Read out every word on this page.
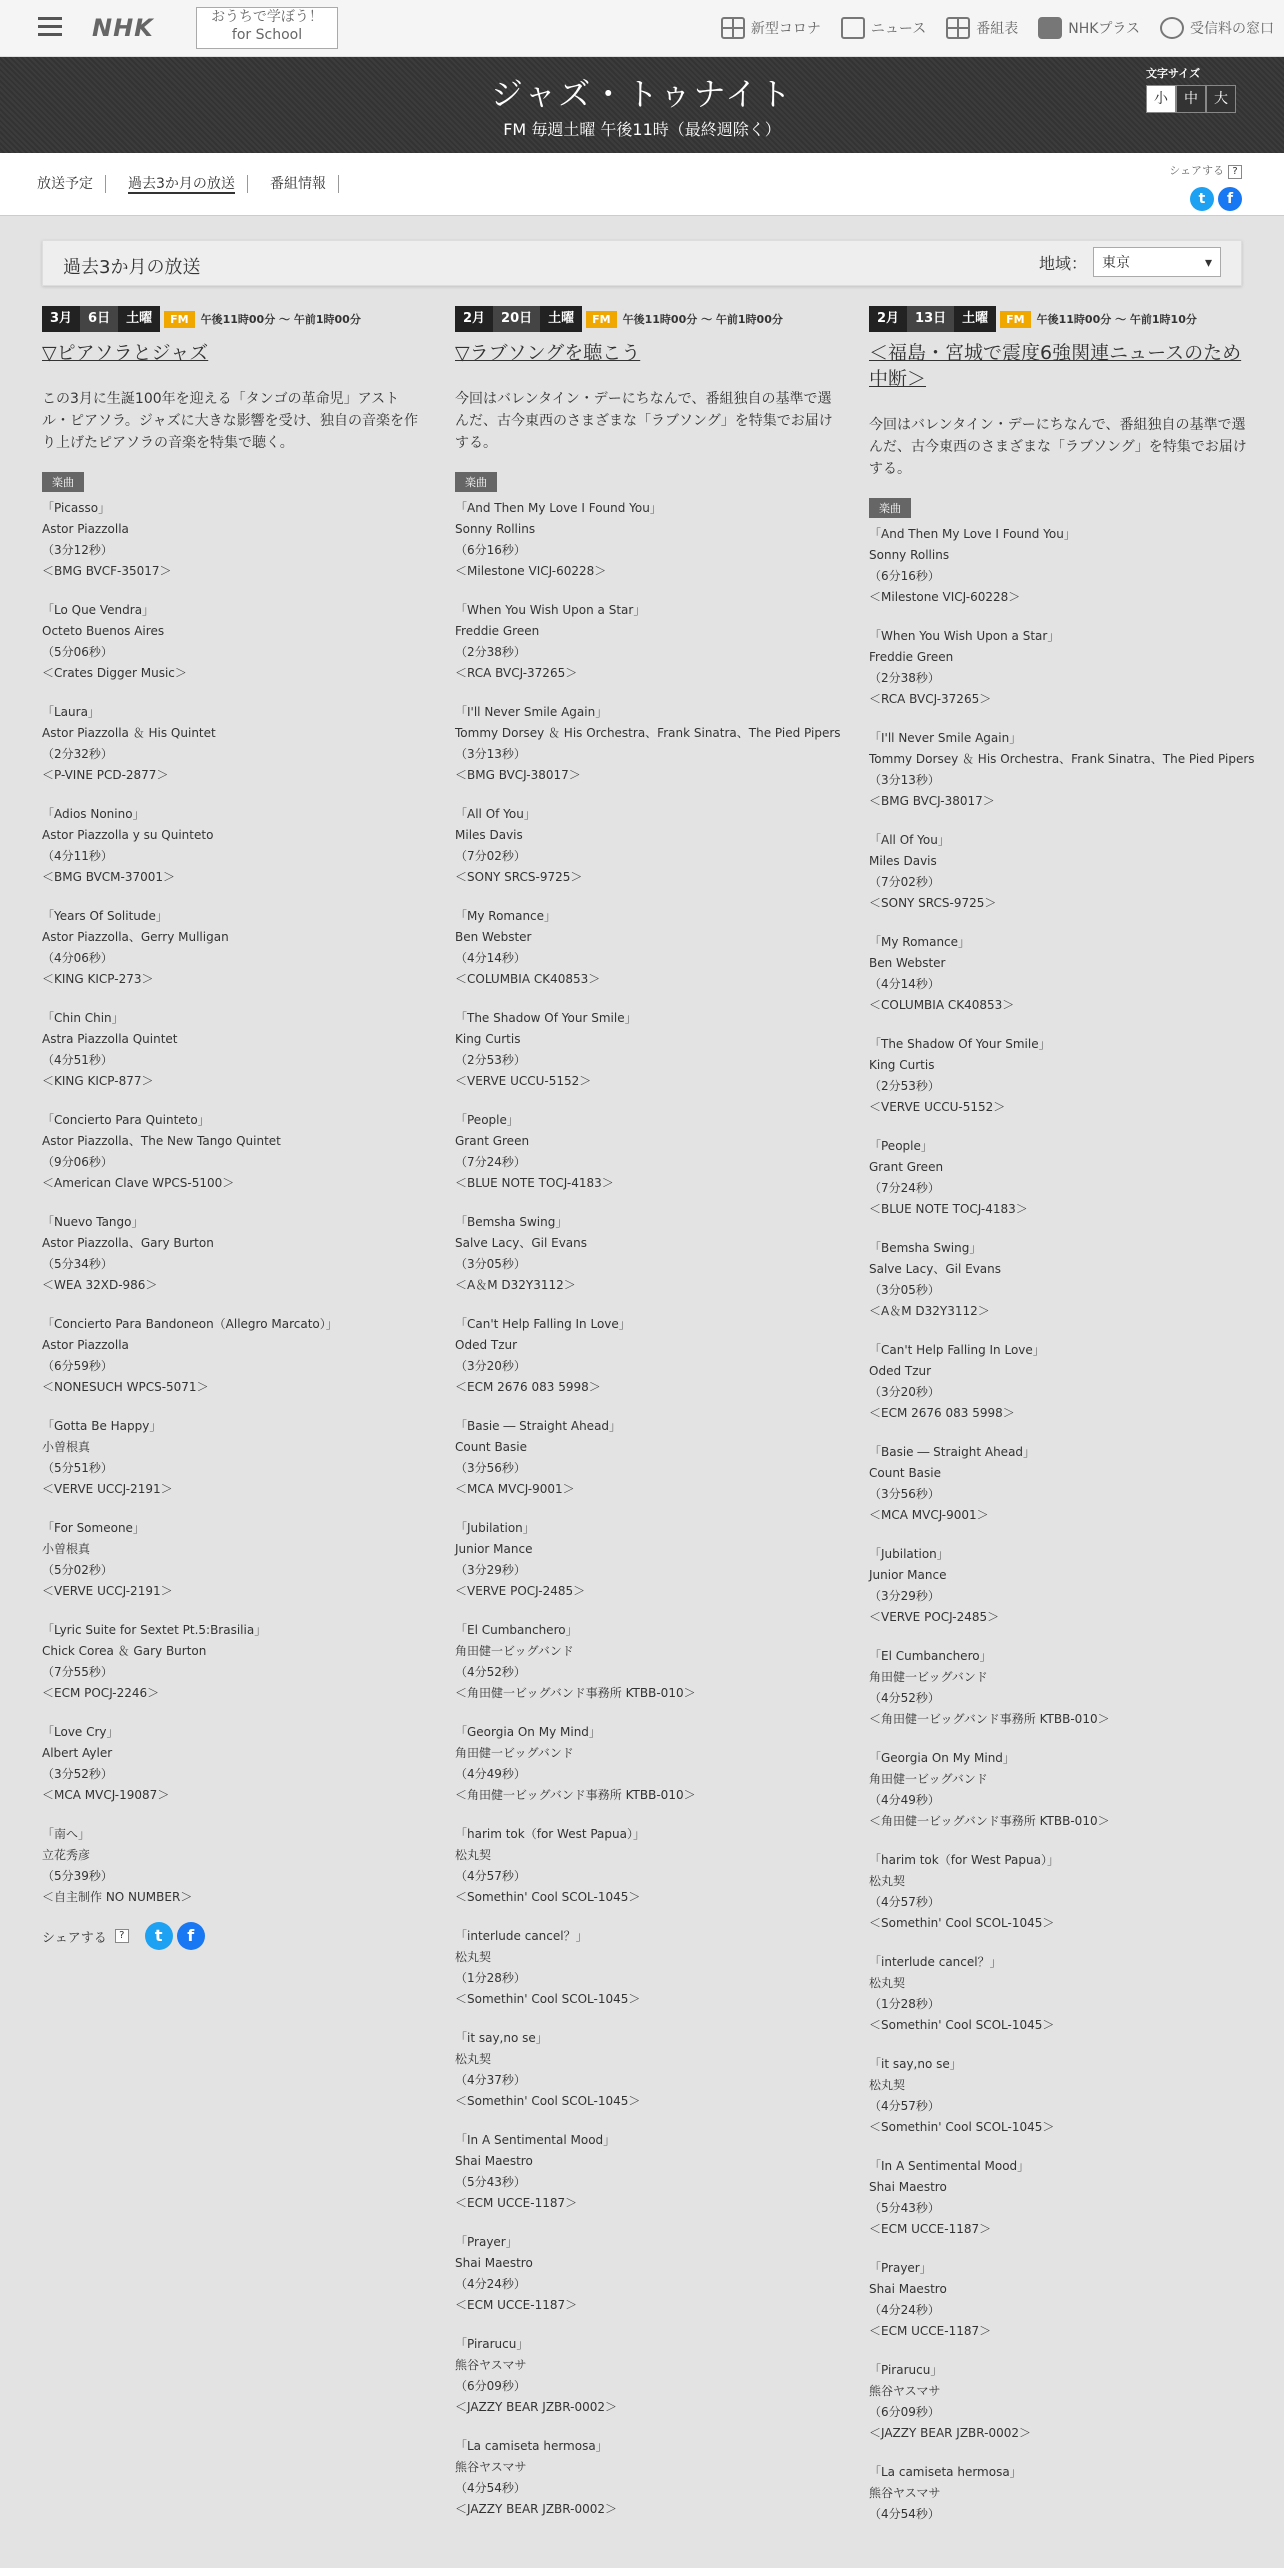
NHK	おうちで学ぼう！
for School	新型コロナ	ニュース	番組表	NHKプラス	受信料の窓口
ジャズ・トゥナイト
FM 毎週土曜 午後11時（最終週除く）
文字サイズ
小	中	大
放送予定	過去3か月の放送	番組情報
シェアする ?
t f
過去3か月の放送	地域：	東京 ▾
3月	6日	土曜	FM	午後11時00分 ～ 午前1時00分
▽ピアソラとジャズ
この3月に生誕100年を迎える「タンゴの革命児」アストル・ピアソラ。ジャズに大きな影響を受け、独自の音楽を作り上げたピアソラの音楽を特集で聴く。
楽曲
「Picasso」
Astor Piazzolla
（3分12秒）
＜BMG BVCF-35017＞
「Lo Que Vendra」
Octeto Buenos Aires
（5分06秒）
＜Crates Digger Music＞
「Laura」
Astor Piazzolla ＆ His Quintet
（2分32秒）
＜P-VINE PCD-2877＞
「Adios Nonino」
Astor Piazzolla y su Quinteto
（4分11秒）
＜BMG BVCM-37001＞
「Years Of Solitude」
Astor Piazzolla、Gerry Mulligan
（4分06秒）
＜KING KICP-273＞
「Chin Chin」
Astra Piazzolla Quintet
（4分51秒）
＜KING KICP-877＞
「Concierto Para Quinteto」
Astor Piazzolla、The New Tango Quintet
（9分06秒）
＜American Clave WPCS-5100＞
「Nuevo Tango」
Astor Piazzolla、Gary Burton
（5分34秒）
＜WEA 32XD-986＞
「Concierto Para Bandoneon（Allegro Marcato）」
Astor Piazzolla
（6分59秒）
＜NONESUCH WPCS-5071＞
「Gotta Be Happy」
小曽根真
（5分51秒）
＜VERVE UCCJ-2191＞
「For Someone」
小曽根真
（5分02秒）
＜VERVE UCCJ-2191＞
「Lyric Suite for Sextet Pt.5:Brasilia」
Chick Corea ＆ Gary Burton
（7分55秒）
＜ECM POCJ-2246＞
「Love Cry」
Albert Ayler
（3分52秒）
＜MCA MVCJ-19087＞
「南へ」
立花秀彦
（5分39秒）
＜自主制作 NO NUMBER＞
シェアする	?	t	f
2月	20日	土曜	FM	午後11時00分 ～ 午前1時00分
▽ラブソングを聴こう
今回はバレンタイン・デーにちなんで、番組独自の基準で選んだ、古今東西のさまざまな「ラブソング」を特集でお届けする。
楽曲
「And Then My Love I Found You」
Sonny Rollins
（6分16秒）
＜Milestone VICJ-60228＞
「When You Wish Upon a Star」
Freddie Green
（2分38秒）
＜RCA BVCJ-37265＞
「I'll Never Smile Again」
Tommy Dorsey ＆ His Orchestra、Frank Sinatra、The Pied Pipers
（3分13秒）
＜BMG BVCJ-38017＞
「All Of You」
Miles Davis
（7分02秒）
＜SONY SRCS-9725＞
「My Romance」
Ben Webster
（4分14秒）
＜COLUMBIA CK40853＞
「The Shadow Of Your Smile」
King Curtis
（2分53秒）
＜VERVE UCCU-5152＞
「People」
Grant Green
（7分24秒）
＜BLUE NOTE TOCJ-4183＞
「Bemsha Swing」
Salve Lacy、Gil Evans
（3分05秒）
＜A＆M D32Y3112＞
「Can't Help Falling In Love」
Oded Tzur
（3分20秒）
＜ECM 2676 083 5998＞
「Basie ― Straight Ahead」
Count Basie
（3分56秒）
＜MCA MVCJ-9001＞
「Jubilation」
Junior Mance
（3分29秒）
＜VERVE POCJ-2485＞
「El Cumbanchero」
角田健一ビッグバンド
（4分52秒）
＜角田健一ビッグバンド事務所 KTBB-010＞
「Georgia On My Mind」
角田健一ビッグバンド
（4分49秒）
＜角田健一ビッグバンド事務所 KTBB-010＞
「harim tok（for West Papua）」
松丸契
（4分57秒）
＜Somethin' Cool SCOL-1045＞
「interlude cancel？」
松丸契
（1分28秒）
＜Somethin' Cool SCOL-1045＞
「it say,no se」
松丸契
（4分37秒）
＜Somethin' Cool SCOL-1045＞
「In A Sentimental Mood」
Shai Maestro
（5分43秒）
＜ECM UCCE-1187＞
「Prayer」
Shai Maestro
（4分24秒）
＜ECM UCCE-1187＞
「Pirarucu」
熊谷ヤスマサ
（6分09秒）
＜JAZZY BEAR JZBR-0002＞
「La camiseta hermosa」
熊谷ヤスマサ
（4分54秒）
＜JAZZY BEAR JZBR-0002＞
2月	13日	土曜	FM	午後11時00分 ～ 午前1時10分
＜福島・宮城で震度6強関連ニュースのため中断＞
今回はバレンタイン・デーにちなんで、番組独自の基準で選んだ、古今東西のさまざまな「ラブソング」を特集でお届けする。
楽曲
「And Then My Love I Found You」
Sonny Rollins
（6分16秒）
＜Milestone VICJ-60228＞
「When You Wish Upon a Star」
Freddie Green
（2分38秒）
＜RCA BVCJ-37265＞
「I'll Never Smile Again」
Tommy Dorsey ＆ His Orchestra、Frank Sinatra、The Pied Pipers
（3分13秒）
＜BMG BVCJ-38017＞
「All Of You」
Miles Davis
（7分02秒）
＜SONY SRCS-9725＞
「My Romance」
Ben Webster
（4分14秒）
＜COLUMBIA CK40853＞
「The Shadow Of Your Smile」
King Curtis
（2分53秒）
＜VERVE UCCU-5152＞
「People」
Grant Green
（7分24秒）
＜BLUE NOTE TOCJ-4183＞
「Bemsha Swing」
Salve Lacy、Gil Evans
（3分05秒）
＜A＆M D32Y3112＞
「Can't Help Falling In Love」
Oded Tzur
（3分20秒）
＜ECM 2676 083 5998＞
「Basie ― Straight Ahead」
Count Basie
（3分56秒）
＜MCA MVCJ-9001＞
「Jubilation」
Junior Mance
（3分29秒）
＜VERVE POCJ-2485＞
「El Cumbanchero」
角田健一ビッグバンド
（4分52秒）
＜角田健一ビッグバンド事務所 KTBB-010＞
「Georgia On My Mind」
角田健一ビッグバンド
（4分49秒）
＜角田健一ビッグバンド事務所 KTBB-010＞
「harim tok（for West Papua）」
松丸契
（4分57秒）
＜Somethin' Cool SCOL-1045＞
「interlude cancel？」
松丸契
（1分28秒）
＜Somethin' Cool SCOL-1045＞
「it say,no se」
松丸契
（4分57秒）
＜Somethin' Cool SCOL-1045＞
「In A Sentimental Mood」
Shai Maestro
（5分43秒）
＜ECM UCCE-1187＞
「Prayer」
Shai Maestro
（4分24秒）
＜ECM UCCE-1187＞
「Pirarucu」
熊谷ヤスマサ
（6分09秒）
＜JAZZY BEAR JZBR-0002＞
「La camiseta hermosa」
熊谷ヤスマサ
（4分54秒）
